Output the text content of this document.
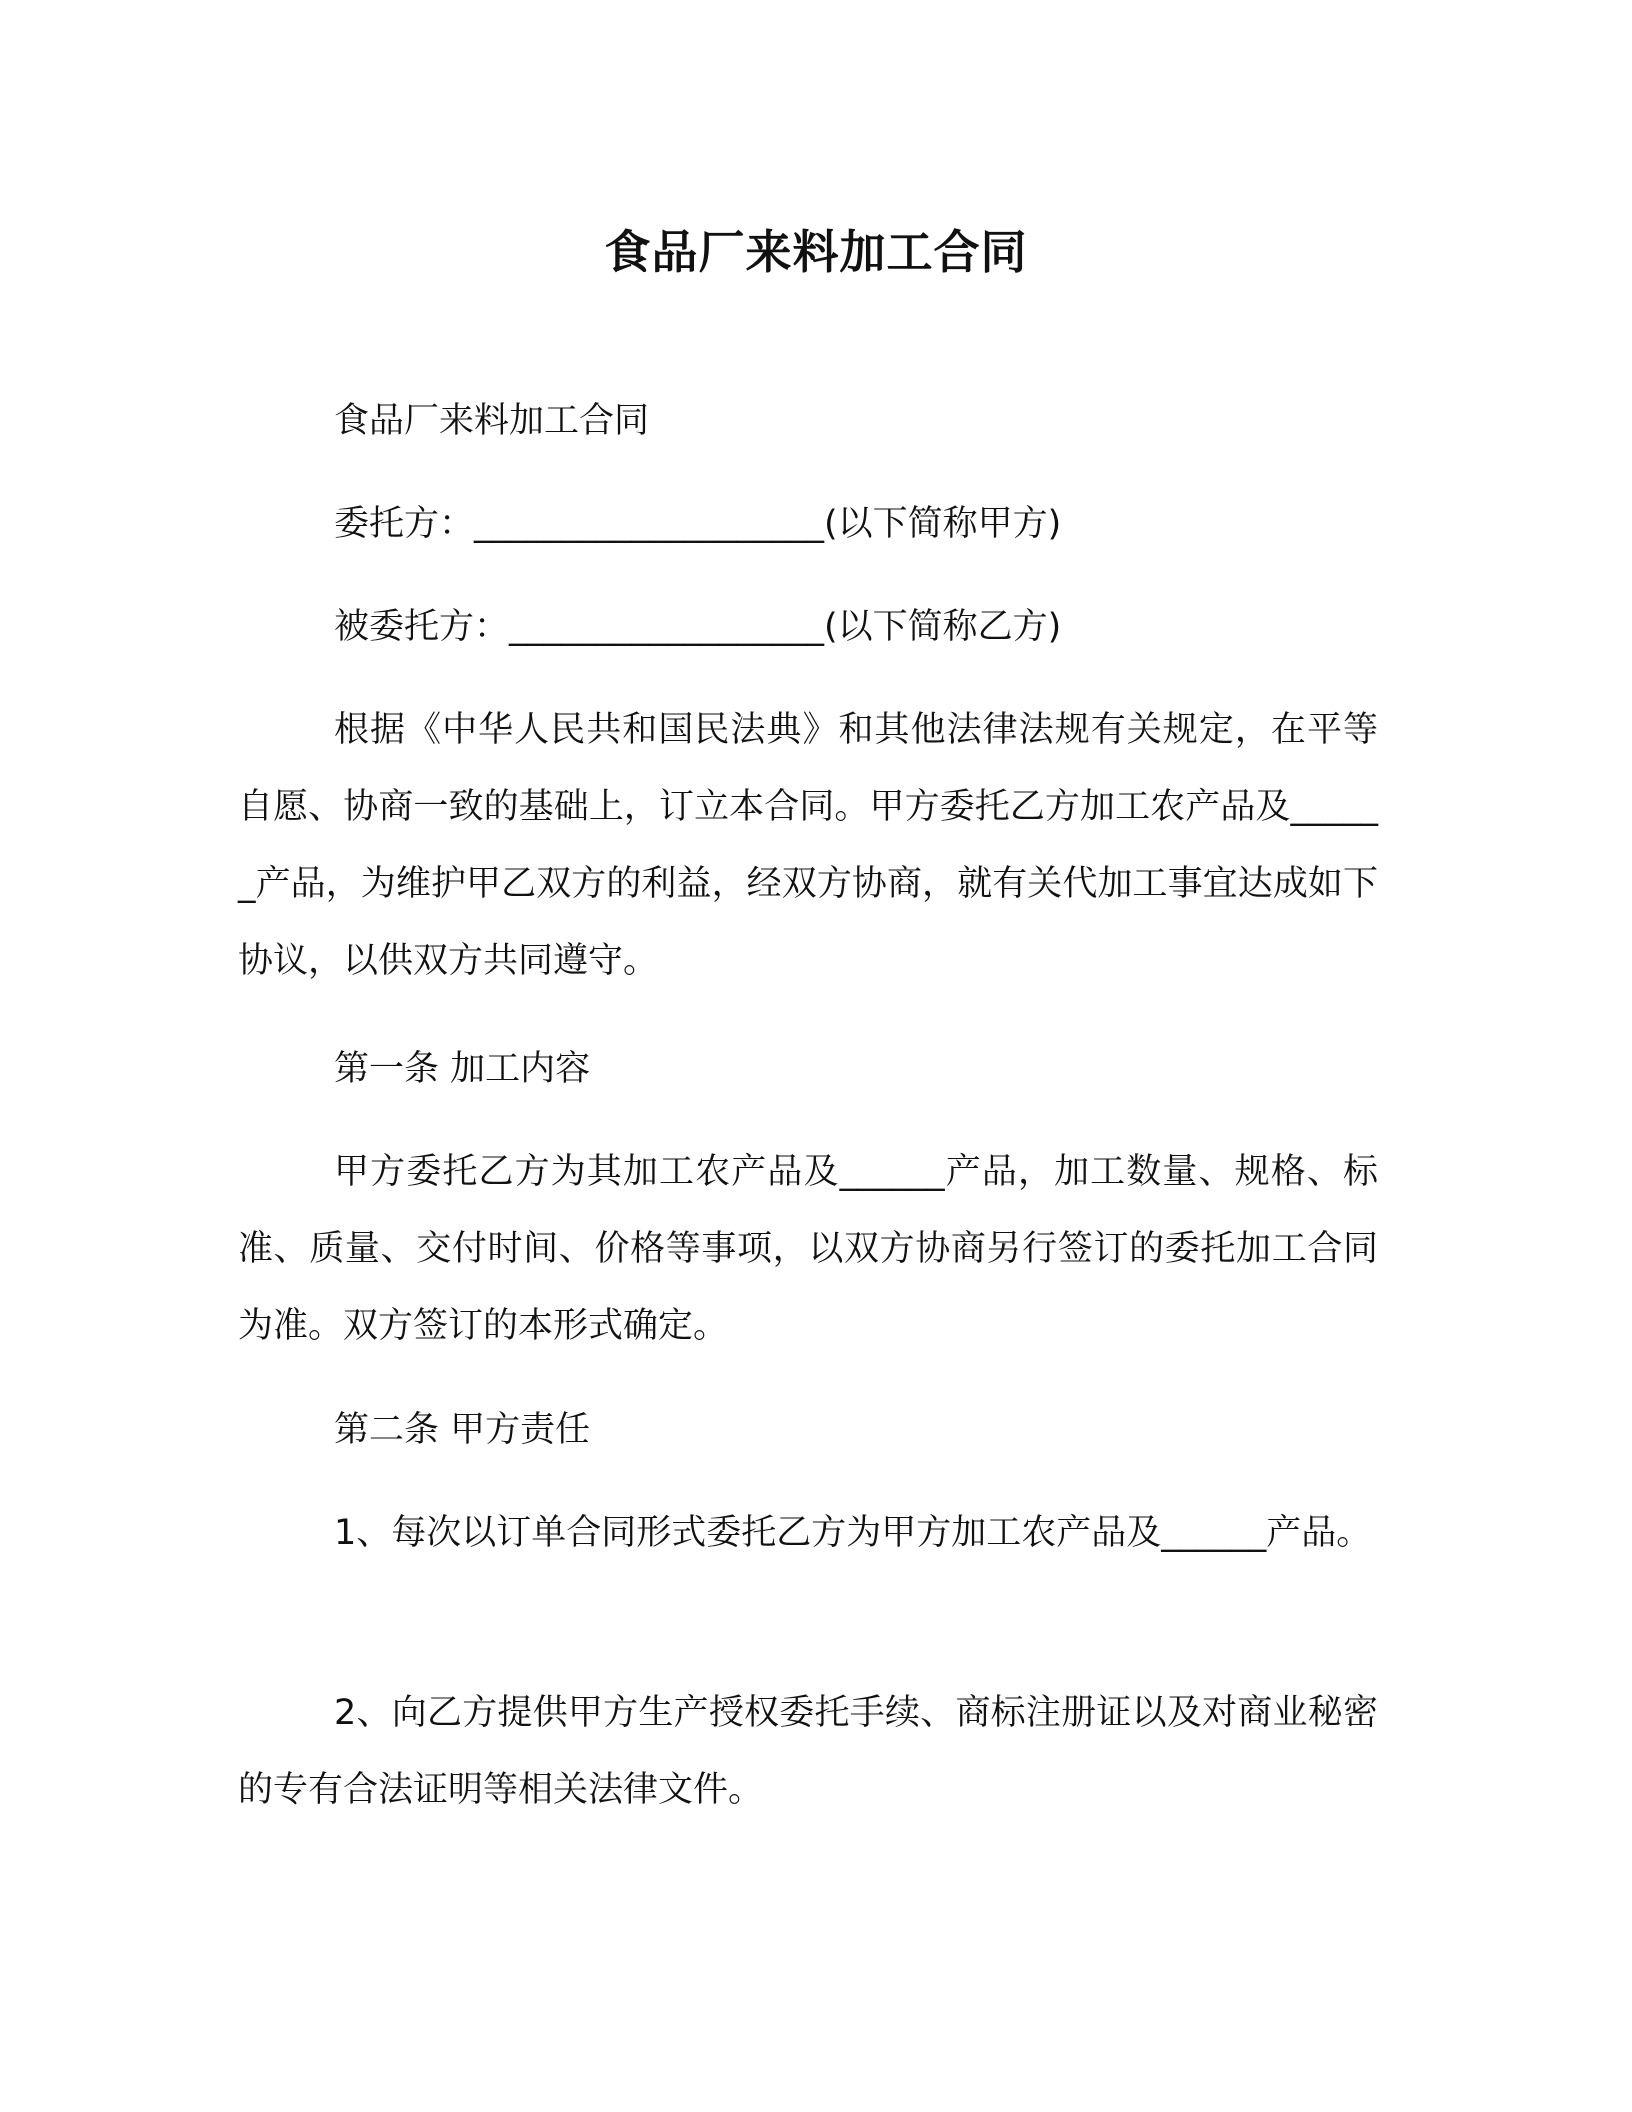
食品厂来料加工合同
食品厂来料加工合同
委托方：____________________(以下简称甲方)
被委托方：__________________(以下简称乙方)
根据《中华人民共和国民法典》和其他法律法规有关规定，在平等自愿、协商一致的基础上，订立本合同。甲方委托乙方加工农产品及______产品，为维护甲乙双方的利益，经双方协商，就有关代加工事宜达成如下协议，以供双方共同遵守。
第一条 加工内容
甲方委托乙方为其加工农产品及______产品，加工数量、规格、标准、质量、交付时间、价格等事项，以双方协商另行签订的委托加工合同为准。双方签订的本形式确定。
第二条 甲方责任
1、每次以订单合同形式委托乙方为甲方加工农产品及______产品。
2、向乙方提供甲方生产授权委托手续、商标注册证以及对商业秘密的专有合法证明等相关法律文件。
